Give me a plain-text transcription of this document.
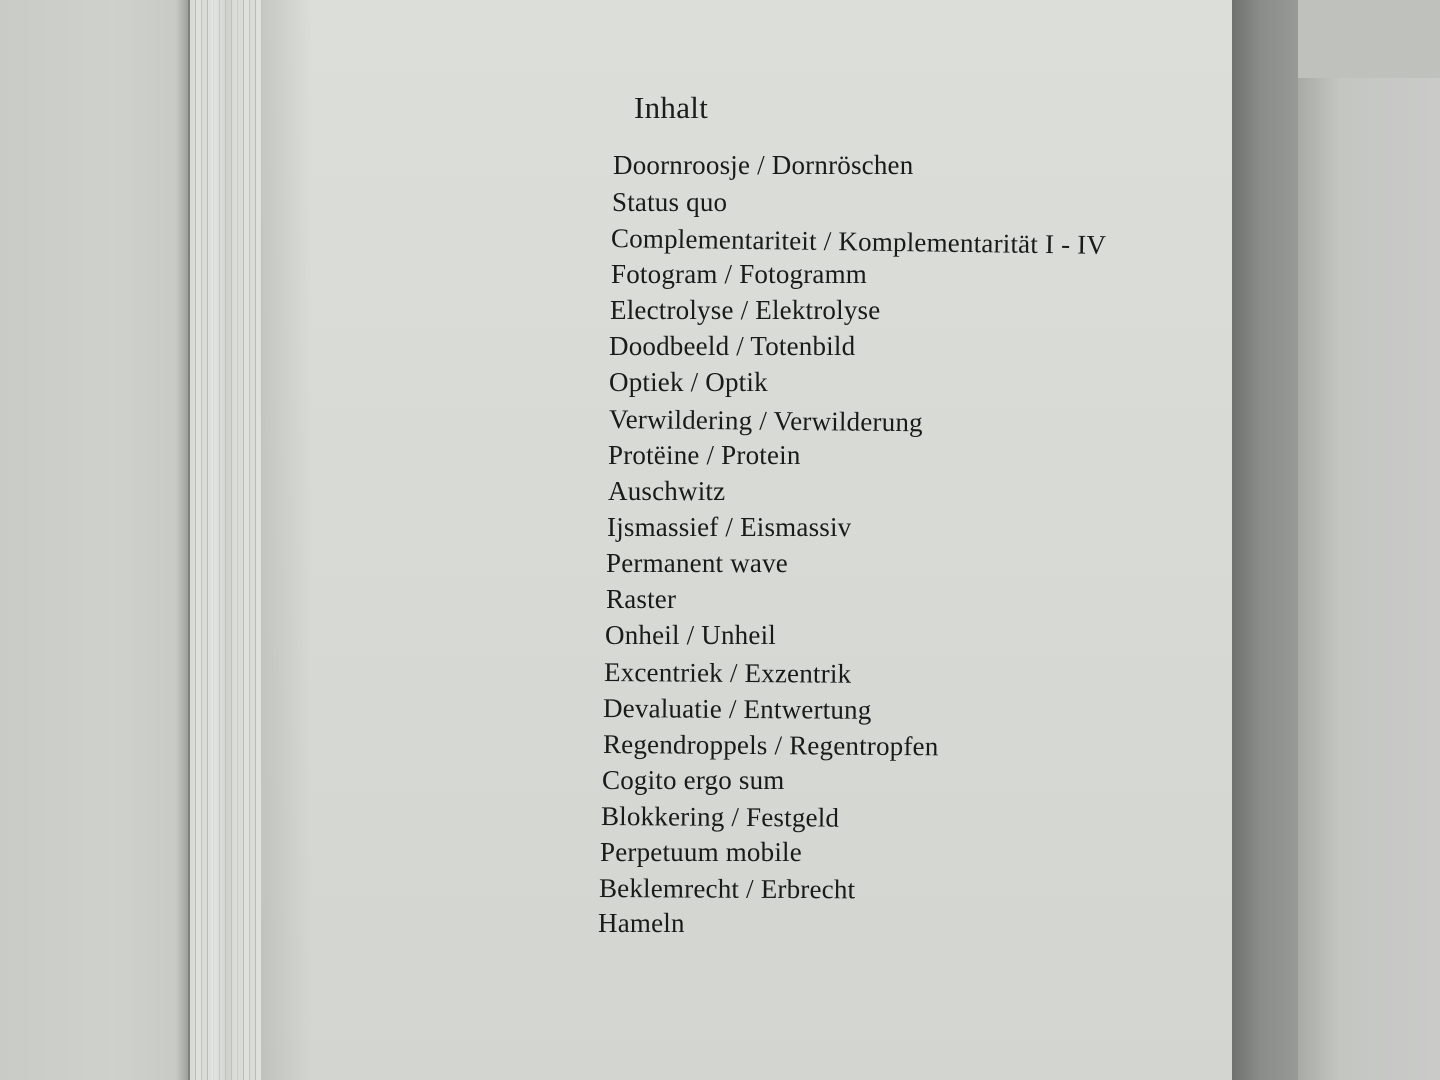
Inhalt
Doornroosje / Dornröschen
Status quo
Complementariteit / Komplementarität I - IV
Fotogram / Fotogramm
Electrolyse / Elektrolyse
Doodbeeld / Totenbild
Optiek / Optik
Verwildering / Verwilderung
Protëine / Protein
Auschwitz
Ijsmassief / Eismassiv
Permanent wave
Raster
Onheil / Unheil
Excentriek / Exzentrik
Devaluatie / Entwertung
Regendroppels / Regentropfen
Cogito ergo sum
Blokkering / Festgeld
Perpetuum mobile
Beklemrecht / Erbrecht
Hameln
